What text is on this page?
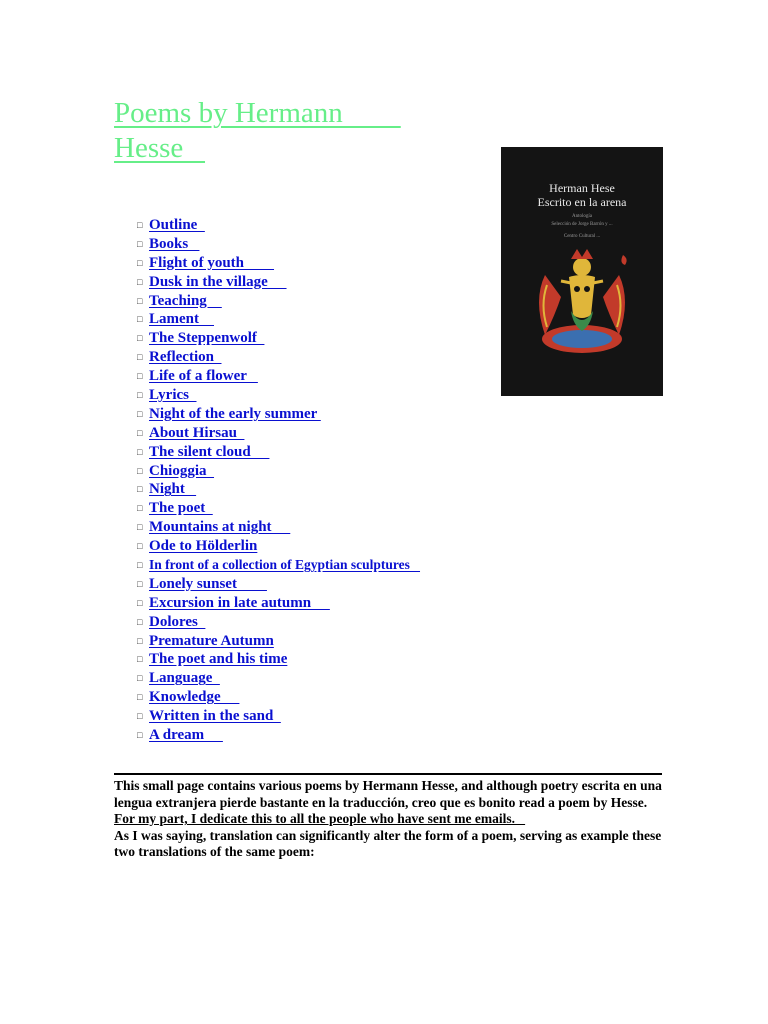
Poems by Hermann
Hesse
Herman Hese
Escrito en la arena
Antología
Selección de Jorge Barrón y ...
Centro Cultural ...
□ Outline
□ Books
□ Flight of youth
□ Dusk in the village
□ Teaching
□ Lament
□ The Steppenwolf
□ Reflection
□ Life of a flower
□ Lyrics
□ Night of the early summer
□ About Hirsau
□ The silent cloud
□ Chioggia
□ Night
□ The poet
□ Mountains at night
□ Ode to Hölderlin
□ In front of a collection of Egyptian sculptures
□ Lonely sunset
□ Excursion in late autumn
□ Dolores
□ Premature Autumn
□ The poet and his time
□ Language
□ Knowledge
□ Written in the sand
□ A dream

This small page contains various poems by Hermann Hesse, and although poetry escrita en una lengua extranjera pierde bastante en la traducción, creo que es bonito read a poem by Hesse.

For my part, I dedicate this to all the people who have sent me emails.

As I was saying, translation can significantly alter the form of a poem, serving as example these two translations of the same poem:
